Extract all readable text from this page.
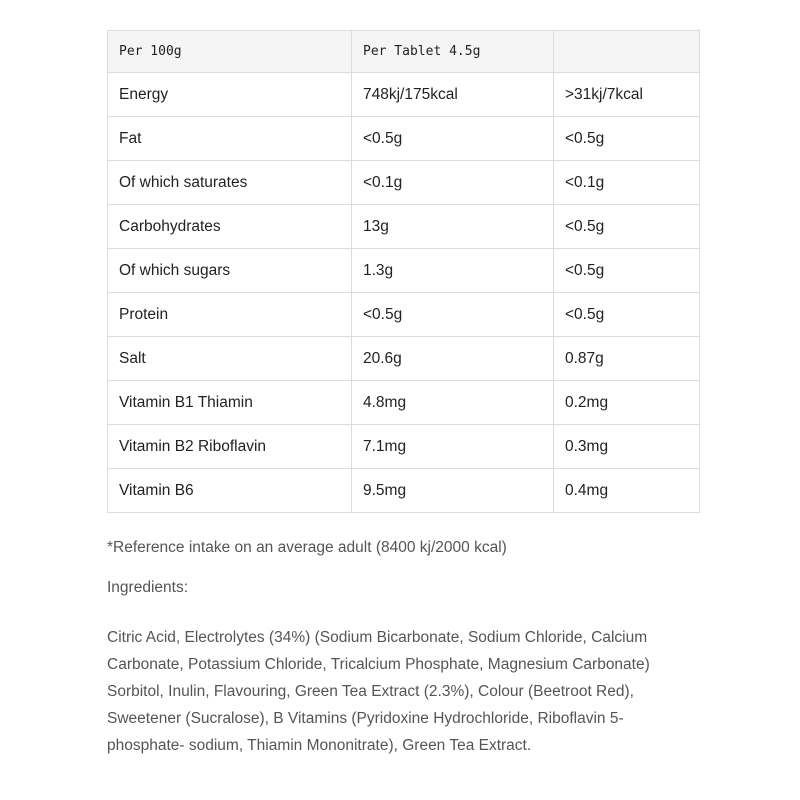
Per 100g	Per Tablet 4.5g	
Energy	748kj/175kcal	>31kj/7kcal
Fat	<0.5g	<0.5g
Of which saturates	<0.1g	<0.1g
Carbohydrates	13g	<0.5g
Of which sugars	1.3g	<0.5g
Protein	<0.5g	<0.5g
Salt	20.6g	0.87g
Vitamin B1 Thiamin	4.8mg	0.2mg
Vitamin B2 Riboflavin	7.1mg	0.3mg
Vitamin B6	9.5mg	0.4mg
*Reference intake on an average adult (8400 kj/2000 kcal)
Ingredients:
Citric Acid, Electrolytes (34%) (Sodium Bicarbonate, Sodium Chloride, Calcium Carbonate, Potassium Chloride, Tricalcium Phosphate, Magnesium Carbonate) Sorbitol, Inulin, Flavouring, Green Tea Extract (2.3%), Colour (Beetroot Red), Sweetener (Sucralose), B Vitamins (Pyridoxine Hydrochloride, Riboflavin 5-phosphate- sodium, Thiamin Mononitrate), Green Tea Extract.
